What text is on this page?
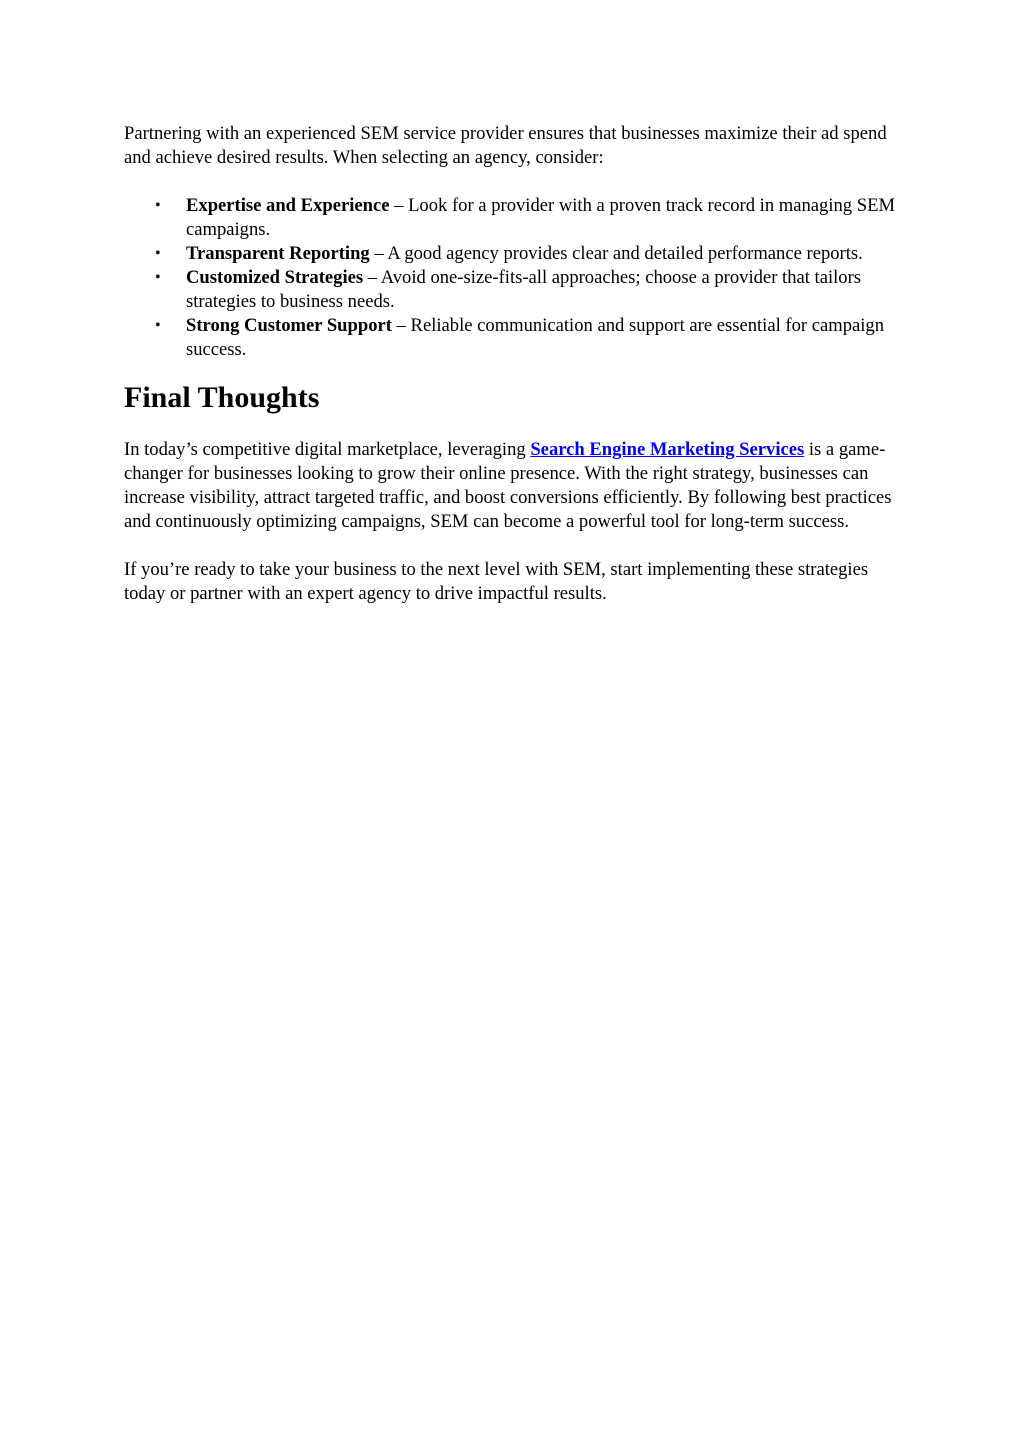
Partnering with an experienced SEM service provider ensures that businesses maximize their ad spend and achieve desired results. When selecting an agency, consider:

• Expertise and Experience – Look for a provider with a proven track record in managing SEM campaigns.
• Transparent Reporting – A good agency provides clear and detailed performance reports.
• Customized Strategies – Avoid one-size-fits-all approaches; choose a provider that tailors strategies to business needs.
• Strong Customer Support – Reliable communication and support are essential for campaign success.
Final Thoughts

In today’s competitive digital marketplace, leveraging Search Engine Marketing Services is a game-changer for businesses looking to grow their online presence. With the right strategy, businesses can increase visibility, attract targeted traffic, and boost conversions efficiently. By following best practices and continuously optimizing campaigns, SEM can become a powerful tool for long-term success.

If you’re ready to take your business to the next level with SEM, start implementing these strategies today or partner with an expert agency to drive impactful results.
